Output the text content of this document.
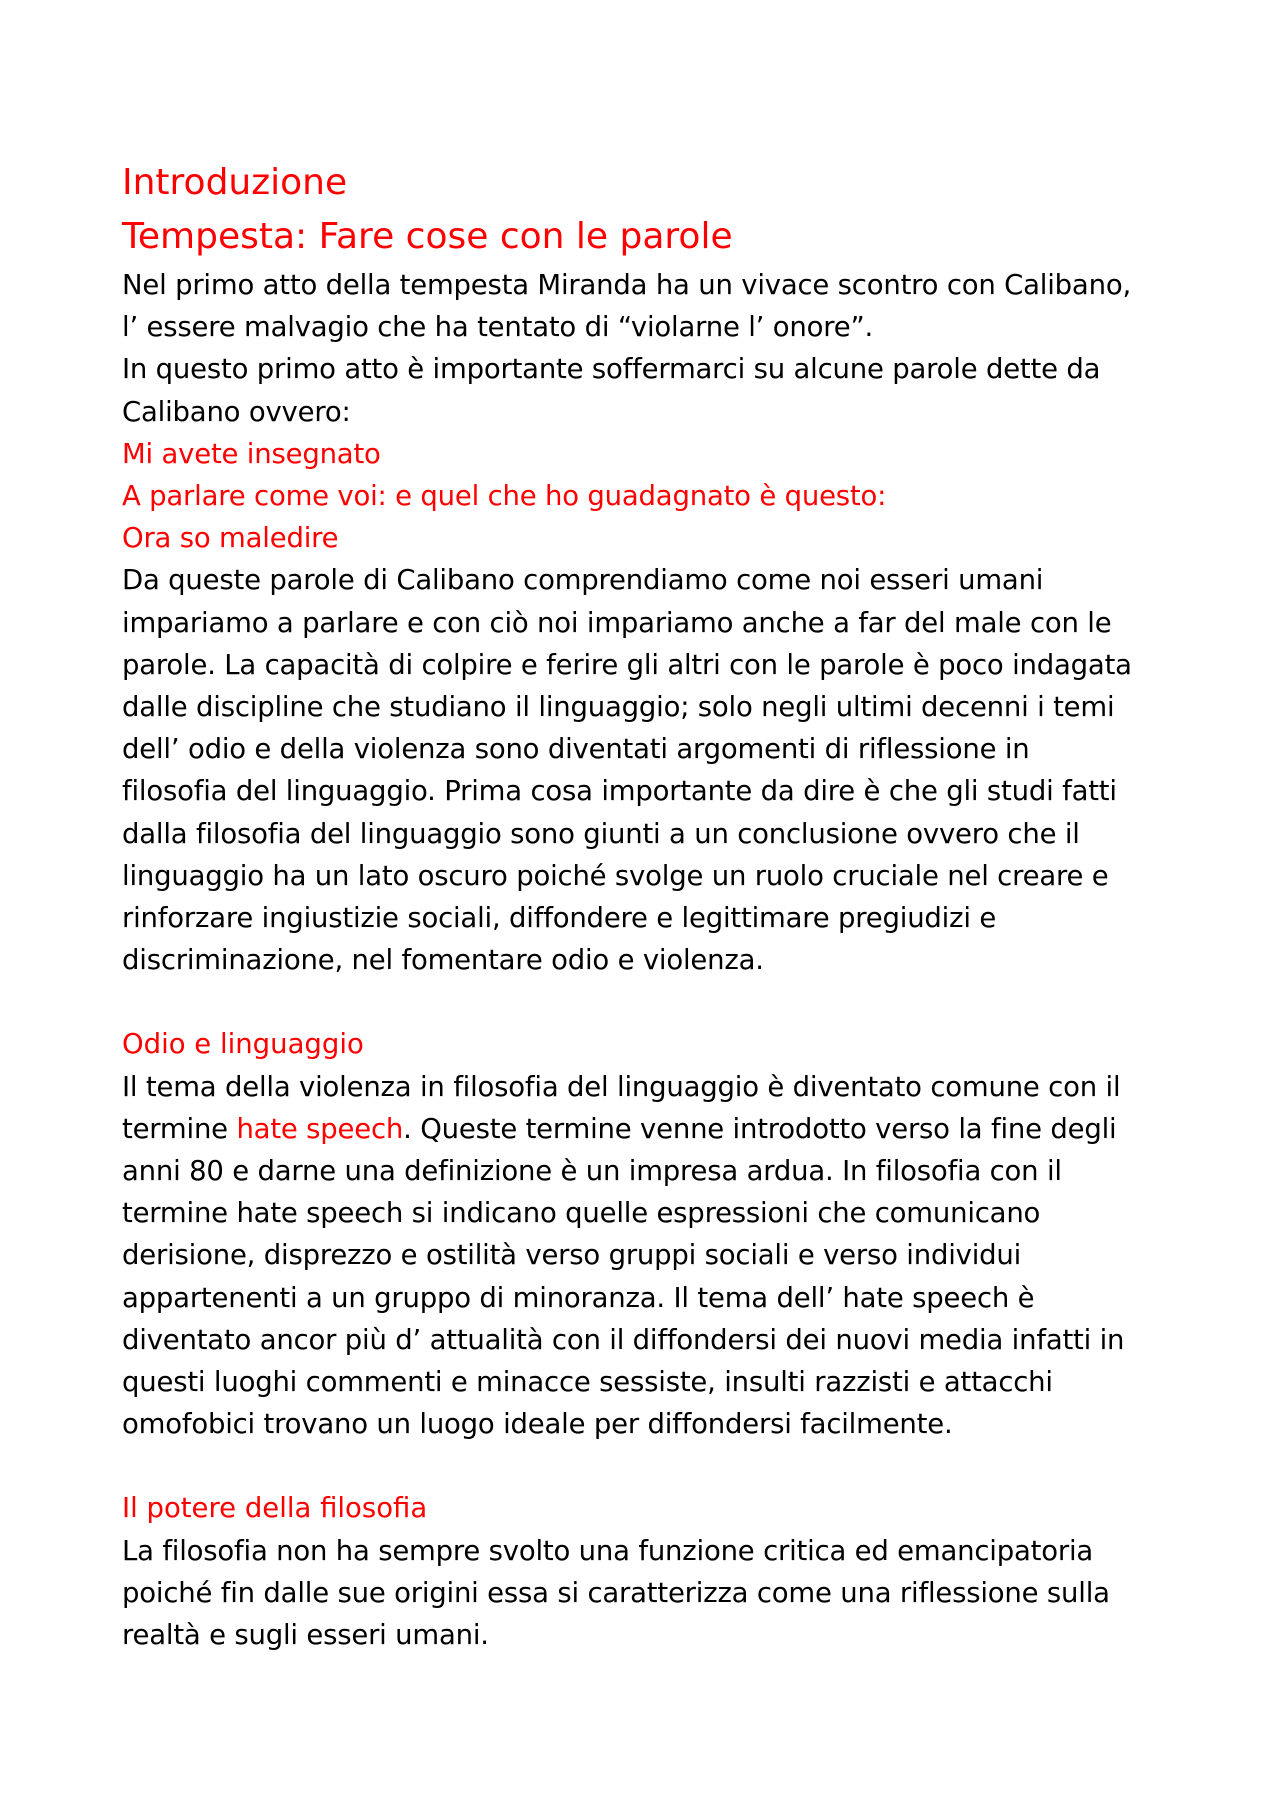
Introduzione
Tempesta: Fare cose con le parole

Nel primo atto della tempesta Miranda ha un vivace scontro con Calibano,
l’ essere malvagio che ha tentato di “violarne l’ onore”.
In questo primo atto è importante soffermarci su alcune parole dette da
Calibano ovvero:

Mi avete insegnato
A parlare come voi: e quel che ho guadagnato è questo:
Ora so maledire

Da queste parole di Calibano comprendiamo come noi esseri umani
impariamo a parlare e con ciò noi impariamo anche a far del male con le
parole. La capacità di colpire e ferire gli altri con le parole è poco indagata
dalle discipline che studiano il linguaggio; solo negli ultimi decenni i temi
dell’ odio e della violenza sono diventati argomenti di riflessione in
filosofia del linguaggio. Prima cosa importante da dire è che gli studi fatti
dalla filosofia del linguaggio sono giunti a un conclusione ovvero che il
linguaggio ha un lato oscuro poiché svolge un ruolo cruciale nel creare e
rinforzare ingiustizie sociali, diffondere e legittimare pregiudizi e
discriminazione, nel fomentare odio e violenza.

Odio e linguaggio

Il tema della violenza in filosofia del linguaggio è diventato comune con il
termine hate speech. Queste termine venne introdotto verso la fine degli
anni 80 e darne una definizione è un impresa ardua. In filosofia con il
termine hate speech si indicano quelle espressioni che comunicano
derisione, disprezzo e ostilità verso gruppi sociali e verso individui
appartenenti a un gruppo di minoranza. Il tema dell’ hate speech è
diventato ancor più d’ attualità con il diffondersi dei nuovi media infatti in
questi luoghi commenti e minacce sessiste, insulti razzisti e attacchi
omofobici trovano un luogo ideale per diffondersi facilmente.

Il potere della filosofia

La filosofia non ha sempre svolto una funzione critica ed emancipatoria
poiché fin dalle sue origini essa si caratterizza come una riflessione sulla
realtà e sugli esseri umani.
